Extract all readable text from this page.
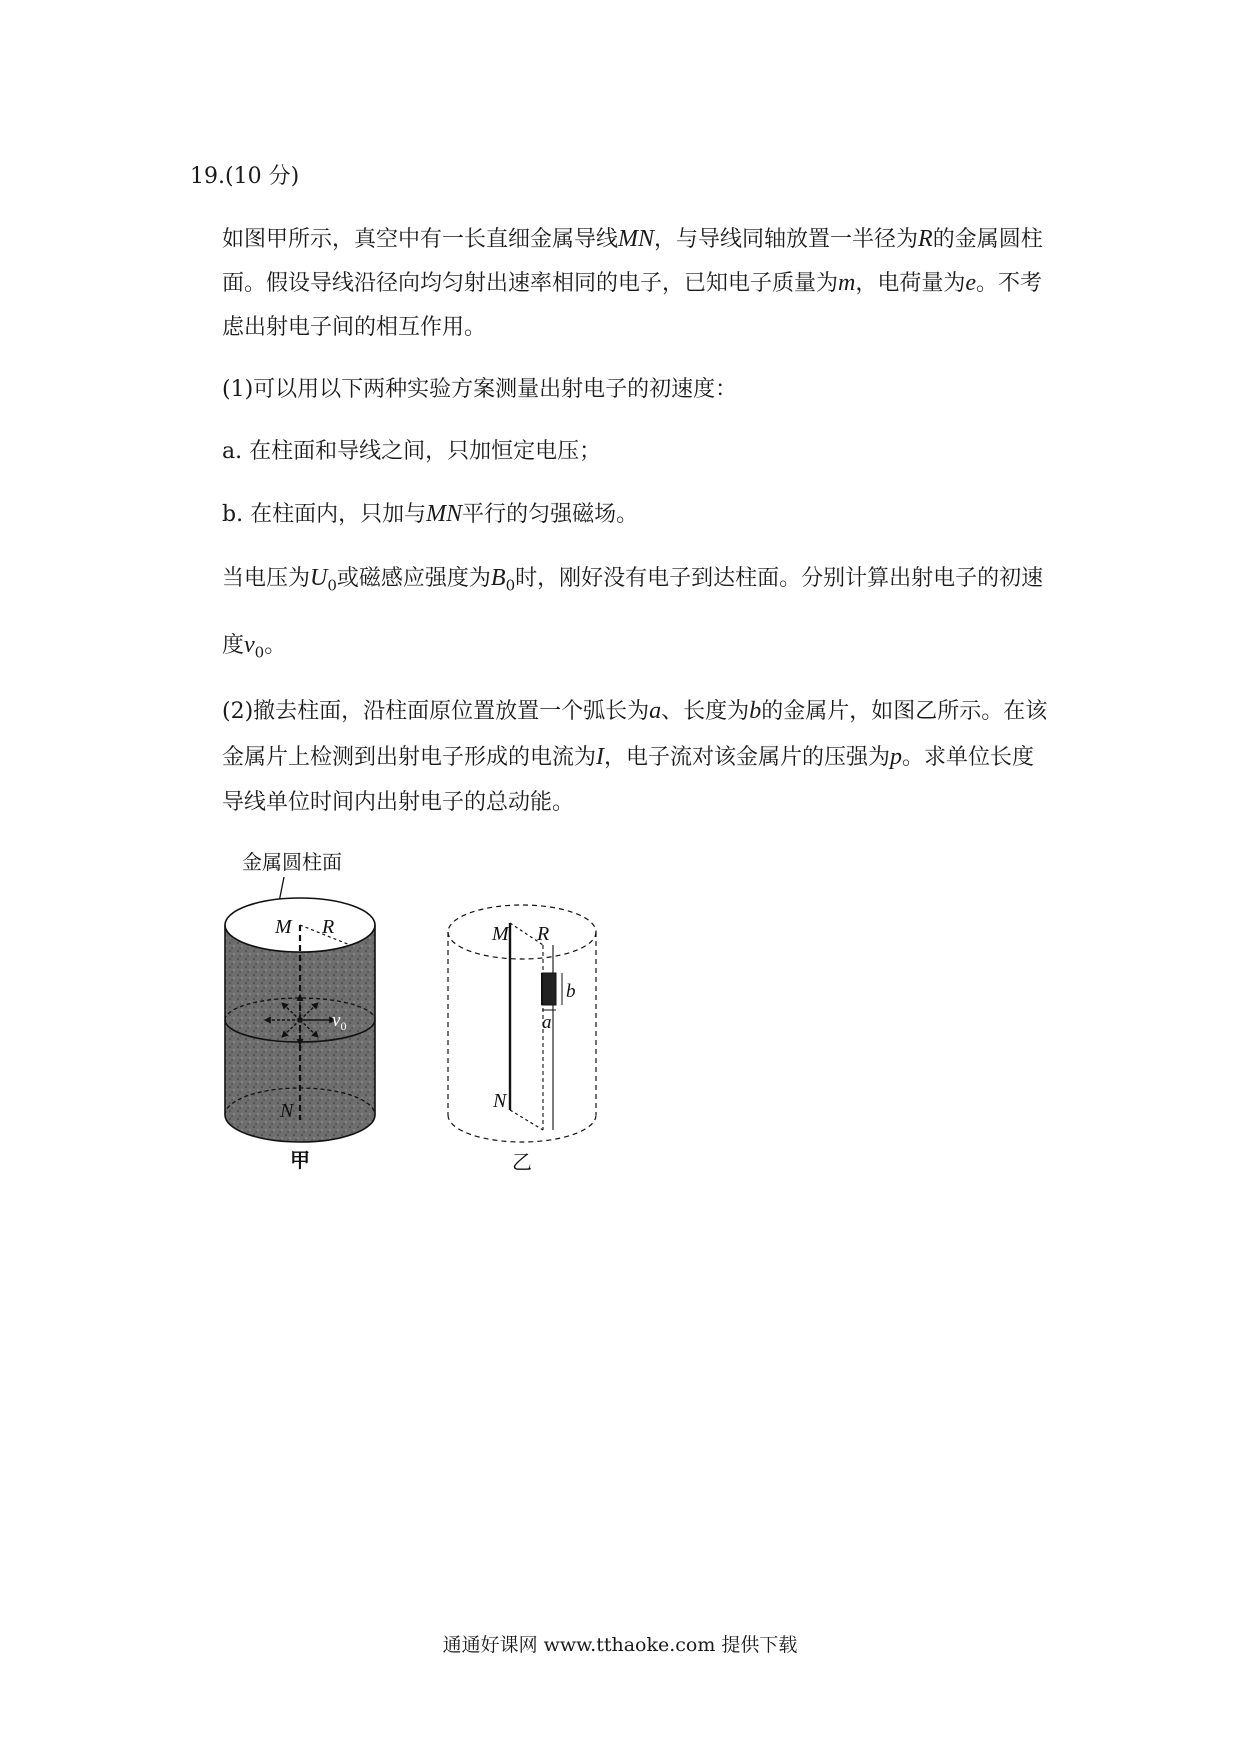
19.(10 分)
如图甲所示，真空中有一长直细金属导线MN，与导线同轴放置一半径为R的金属圆柱
面。假设导线沿径向均匀射出速率相同的电子，已知电子质量为m，电荷量为e。不考
虑出射电子间的相互作用。
(1)可以用以下两种实验方案测量出射电子的初速度：
a. 在柱面和导线之间，只加恒定电压；
b. 在柱面内，只加与MN平行的匀强磁场。
当电压为$U_0$或磁感应强度为$B_0$时，刚好没有电子到达柱面。分别计算出射电子的初速
度$v_0$。
(2)撤去柱面，沿柱面原位置放置一个弧长为a、长度为b的金属片，如图乙所示。在该
金属片上检测到出射电子形成的电流为I，电子流对该金属片的压强为p。求单位长度
导线单位时间内出射电子的总动能。
金属圆柱面
M R
$v_0$
N
甲
M R
b
a
N
乙
通通好课网 www.tthaoke.com 提供下载
